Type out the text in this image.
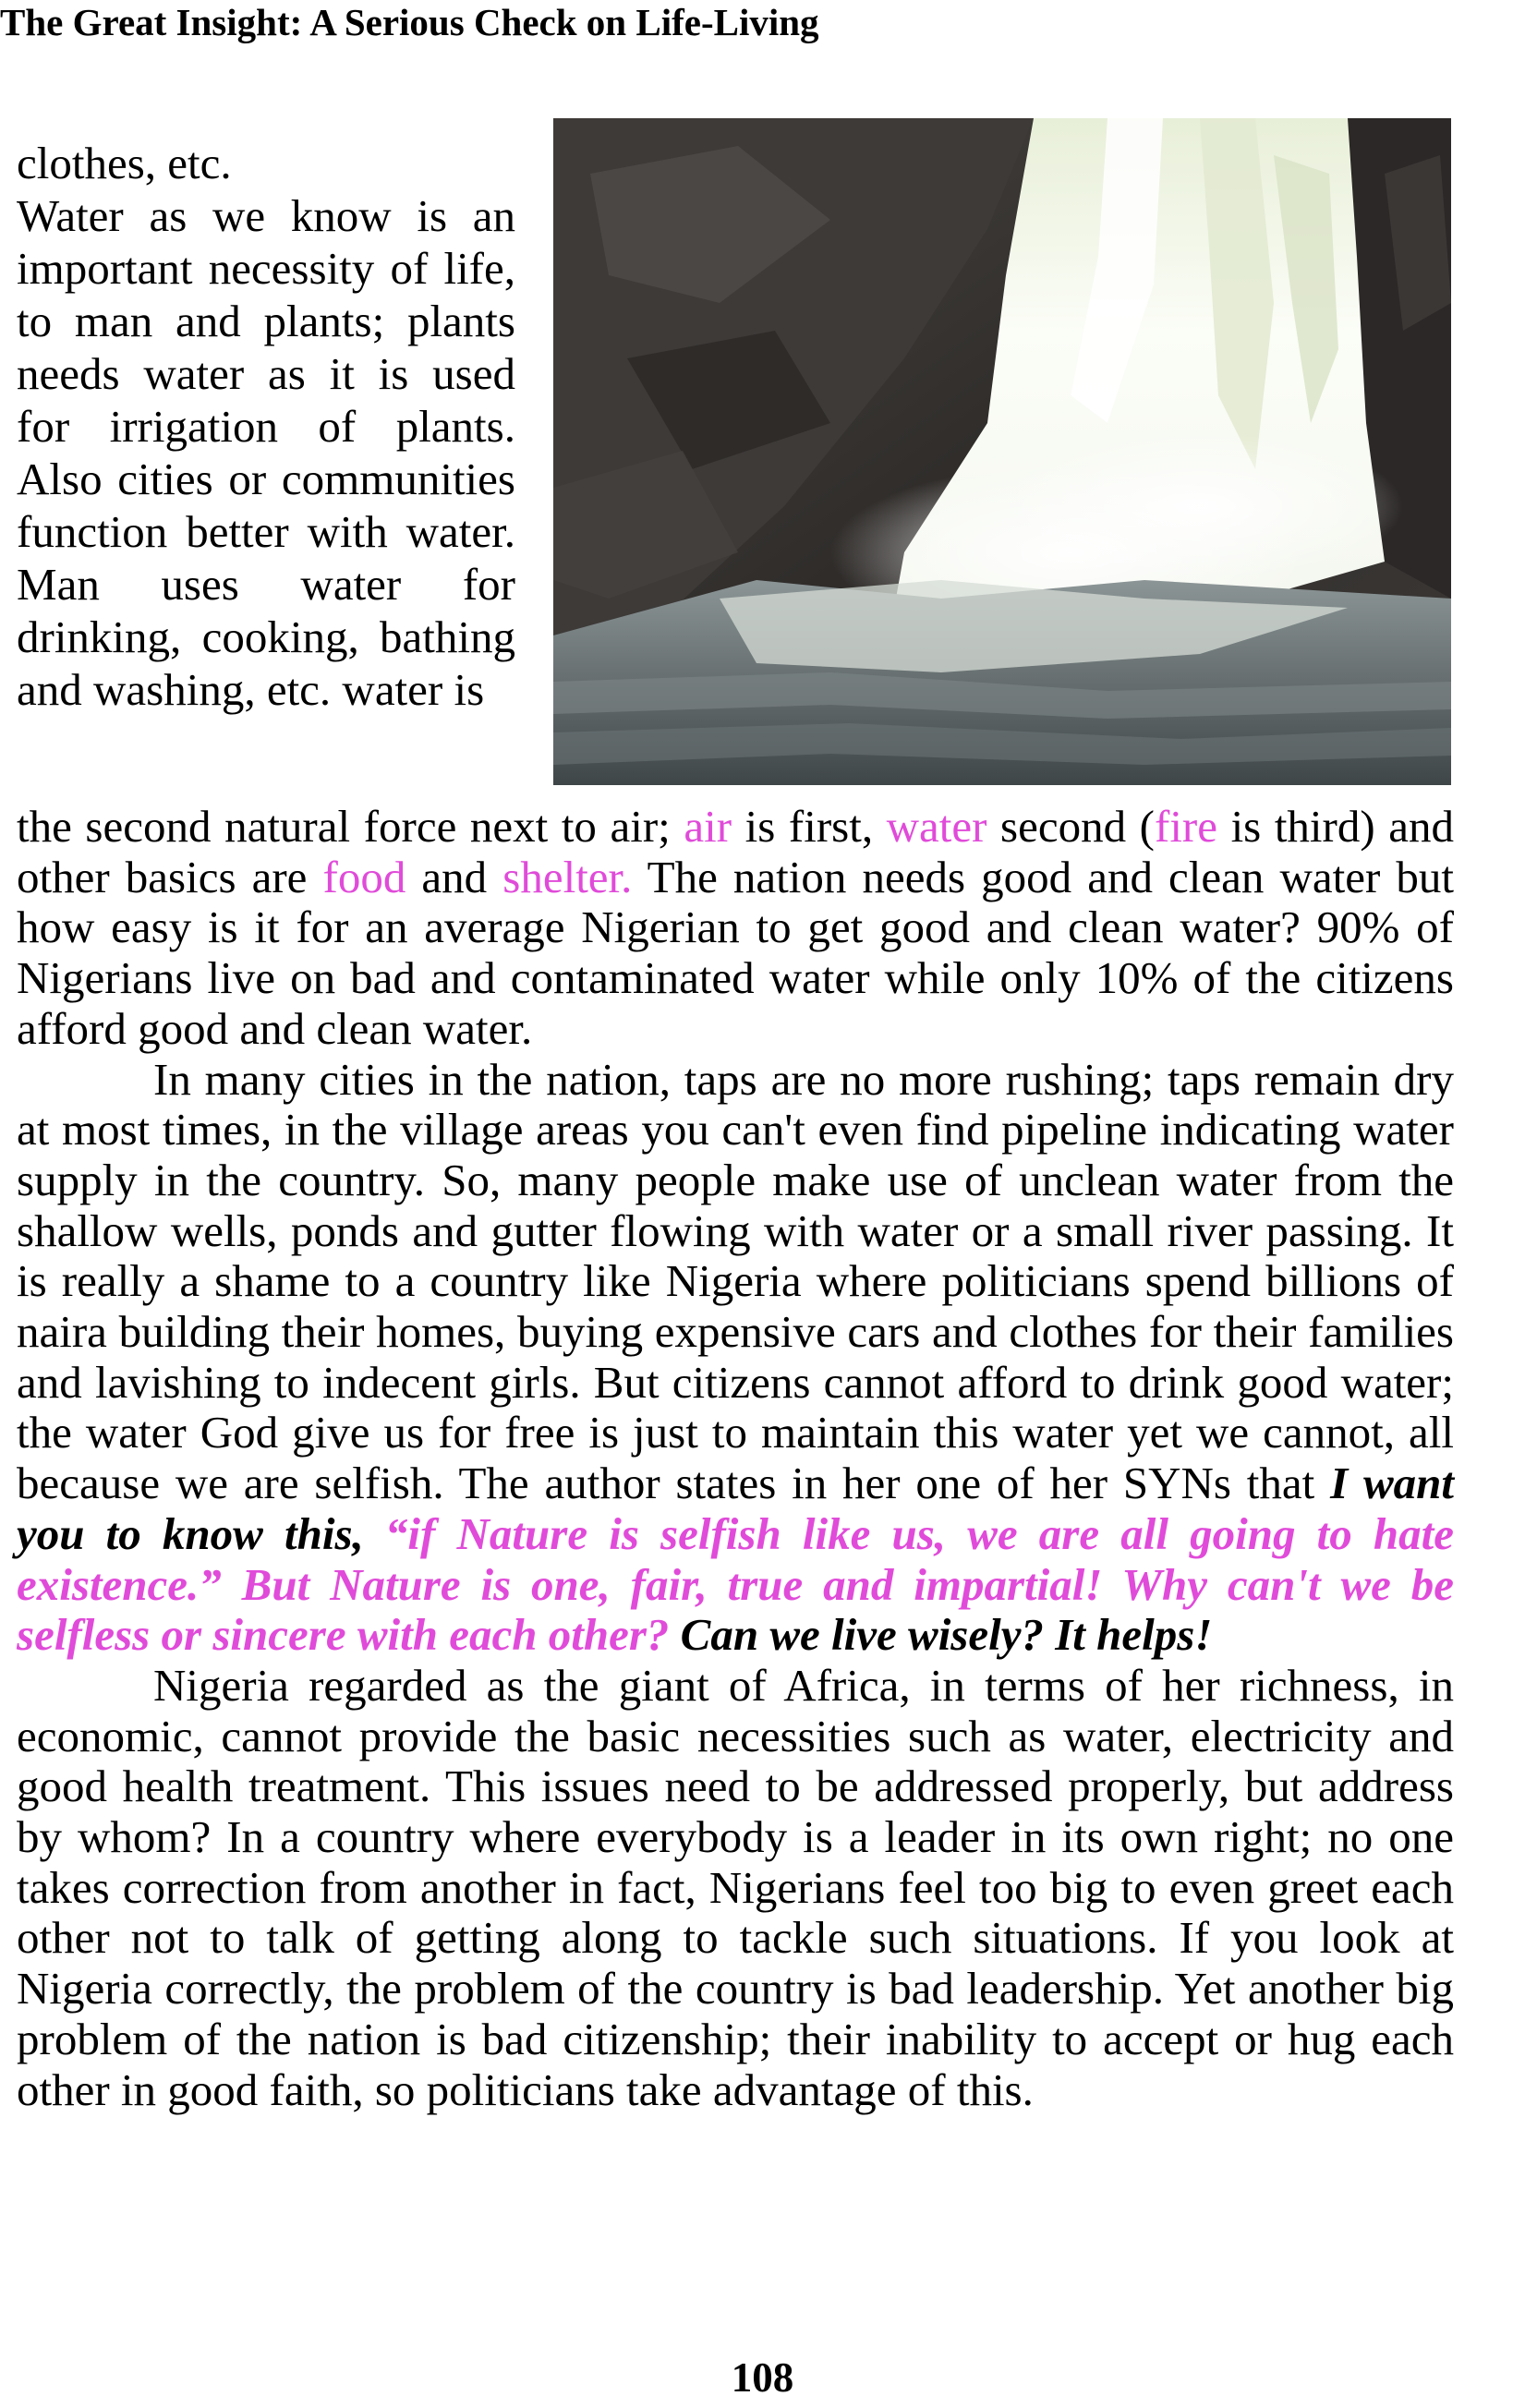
The Great Insight: A Serious Check on Life-Living

clothes, etc.

Water as we know is an important necessity of life, to man and plants; plants needs water as it is used for irrigation of plants. Also cities or communities function better with water. Man uses water for drinking, cooking, bathing and washing, etc. water is

the second natural force next to air; air is first, water second (fire is third) and other basics are food and shelter. The nation needs good and clean water but how easy is it for an average Nigerian to get good and clean water? 90% of Nigerians live on bad and contaminated water while only 10% of the citizens afford good and clean water.

In many cities in the nation, taps are no more rushing; taps remain dry at most times, in the village areas you can't even find pipeline indicating water supply in the country. So, many people make use of unclean water from the shallow wells, ponds and gutter flowing with water or a small river passing. It is really a shame to a country like Nigeria where politicians spend billions of naira building their homes, buying expensive cars and clothes for their families and lavishing to indecent girls. But citizens cannot afford to drink good water; the water God give us for free is just to maintain this water yet we cannot, all because we are selfish. The author states in her one of her SYNs that I want you to know this, “if Nature is selfish like us, we are all going to hate existence.” But Nature is one, fair, true and impartial! Why can't we be selfless or sincere with each other? Can we live wisely? It helps!

Nigeria regarded as the giant of Africa, in terms of her richness, in economic, cannot provide the basic necessities such as water, electricity and good health treatment. This issues need to be addressed properly, but address by whom? In a country where everybody is a leader in its own right; no one takes correction from another in fact, Nigerians feel too big to even greet each other not to talk of getting along to tackle such situations. If you look at Nigeria correctly, the problem of the country is bad leadership. Yet another big problem of the nation is bad citizenship; their inability to accept or hug each other in good faith, so politicians take advantage of this.

108
